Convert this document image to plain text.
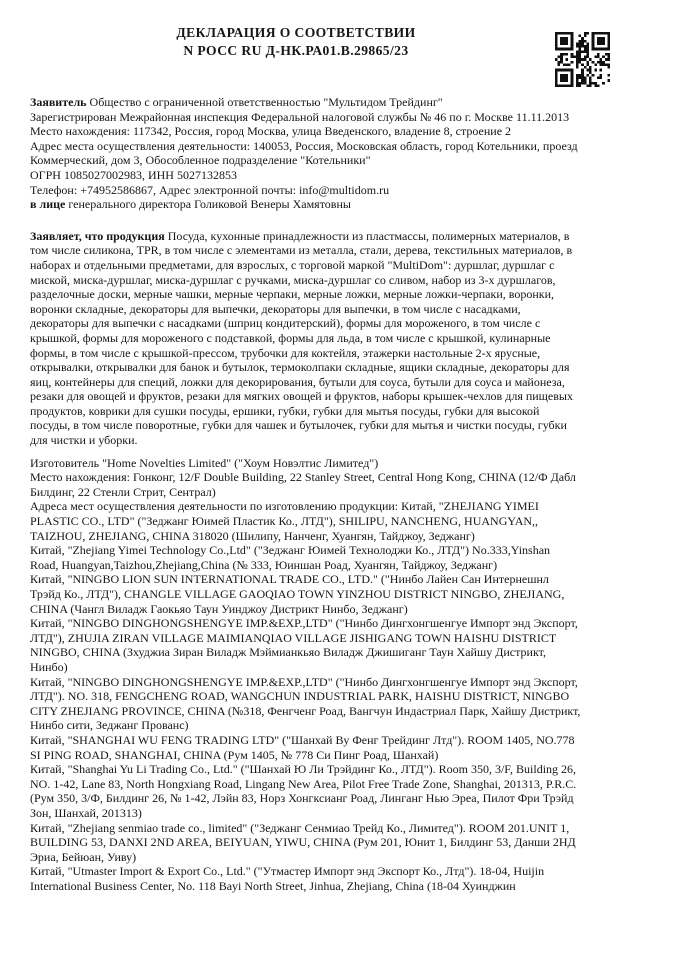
ДЕКЛАРАЦИЯ О СООТВЕТСТВИИ
N РОСС RU Д-НК.РА01.В.29865/23
Заявитель Общество с ограниченной ответственностью "Мультидом Трейдинг"
Зарегистрирован Межрайонная инспекция Федеральной налоговой службы № 46 по г. Москве 11.11.2013
Место нахождения: 117342, Россия, город Москва, улица Введенского, владение 8, строение 2
Адрес места осуществления деятельности: 140053, Россия, Московская область, город Котельники, проезд
Коммерческий, дом 3, Обособленное подразделение "Котельники"
ОГРН 1085027002983, ИНН 5027132853
Телефон: +74952586867, Адрес электронной почты: info@multidom.ru
в лице генерального директора Голиковой Венеры Хамятовны
Заявляет, что продукция Посуда, кухонные принадлежности из пластмассы, полимерных материалов, в
том числе силикона, TPR, в том числе с элементами из металла, стали, дерева, текстильных материалов, в
наборах и отдельными предметами, для взрослых, с торговой маркой "MultiDom": дуршлаг, дуршлаг с
миской, миска-дуршлаг, миска-дуршлаг с ручками, миска-дуршлаг со сливом, набор из 3-х дуршлагов,
разделочные доски, мерные чашки, мерные черпаки, мерные ложки, мерные ложки-черпаки, воронки,
воронки складные, декораторы для выпечки, декораторы для выпечки, в том числе с насадками,
декораторы для выпечки с насадками (шприц кондитерский), формы для мороженого, в том числе с
крышкой, формы для мороженого с подставкой, формы для льда, в том числе с крышкой, кулинарные
формы, в том числе с крышкой-прессом, трубочки для коктейля, этажерки настольные 2-х ярусные,
открывалки, открывалки для банок и бутылок, термоколпаки складные, ящики складные, декораторы для
яиц, контейнеры для специй, ложки для декорирования, бутыли для соуса, бутыли для соуса и майонеза,
резаки для овощей и фруктов, резаки для мягких овощей и фруктов, наборы крышек-чехлов для пищевых
продуктов, коврики для сушки посуды, ершики, губки, губки для мытья посуды, губки для высокой
посуды, в том числе поворотные, губки для чашек и бутылочек, губки для мытья и чистки посуды, губки
для чистки и уборки.
Изготовитель "Home Novelties Limited" ("Хоум Новэлтис Лимитед")
Место нахождения: Гонконг, 12/F Double Building, 22 Stanley Street, Central Hong Kong, CHINA (12/Ф Дабл
Билдинг, 22 Стенли Стрит, Сентрал)
Адреса мест осуществления деятельности по изготовлению продукции: Китай, "ZHEJIANG YIMEI
PLASTIC CO., LTD" ("Зеджанг Юимей Пластик Ко., ЛТД"), SHILIPU, NANCHENG, HUANGYAN,,
TAIZHOU, ZHEJIANG, CHINA 318020 (Шилипу, Нанченг, Хуангян, Тайджоу, Зеджанг)
Китай, "Zhejiang Yimei Technology Co.,Ltd" ("Зеджанг Юимей Технолоджи Ко., ЛТД") No.333,Yinshan
Road, Huangyan,Taizhou,Zhejiang,China (№ 333, Юиншан Роад, Хуангян, Тайджоу, Зеджанг)
Китай, "NINGBO LION SUN INTERNATIONAL TRADE CO., LTD." ("Нинбо Лайен Сан Интернешнл
Трэйд Ко., ЛТД"), CHANGLE VILLAGE GAOQIAO TOWN YINZHOU DISTRICT NINGBO, ZHEJIANG,
CHINA (Чангл Виладж Гаокьяо Таун Уинджоу Дистрикт Нинбо, Зеджанг)
Китай, "NINGBO DINGHONGSHENGYE IMP.&EXP.,LTD" ("Нинбо Дингхонгшенгуе Импорт энд Экспорт,
ЛТД"), ZHUJIA ZIRAN VILLAGE MAIMIANQIAO VILLAGE JISHIGANG TOWN HAISHU DISTRICT
NINGBO, CHINA (Зхуджиа Зиран Виладж Мэймианкьяо Виладж Джишиганг Таун Хайшу Дистрикт,
Нинбо)
Китай, "NINGBO DINGHONGSHENGYE IMP.&EXP.,LTD" ("Нинбо Дингхонгшенгуе Импорт энд Экспорт,
ЛТД"). NO. 318, FENGCHENG ROAD, WANGCHUN INDUSTRIAL PARK, HAISHU DISTRICT, NINGBO
CITY ZHEJIANG PROVINCE, CHINA (№318, Фенгченг Роад, Вангчун Индастриал Парк, Хайшу Дистрикт,
Нинбо сити, Зеджанг Прованс)
Китай, "SHANGHAI WU FENG TRADING LTD" ("Шанхай Ву Фенг Трейдинг Лтд"). ROOM 1405, NO.778
SI PING ROAD, SHANGHAI, CHINA (Рум 1405, № 778 Си Пинг Роад, Шанхай)
Китай, "Shanghai Yu Li Trading Co., Ltd." ("Шанхай Ю Ли Трэйдинг Ко., ЛТД"). Room 350, 3/F, Building 26,
NO. 1-42, Lane 83, North Hongxiang Road, Lingang New Area, Pilot Free Trade Zone, Shanghai, 201313, P.R.C.
(Рум 350, 3/Ф, Билдинг 26, № 1-42, Лэйн 83, Норз Хонгксианг Роад, Линганг Нью Эреа, Пилот Фри Трэйд
Зон, Шанхай, 201313)
Китай, "Zhejiang senmiao trade co., limited" ("Зеджанг Сенмиао Трейд Ко., Лимитед"). ROOM 201.UNIT 1,
BUILDING 53, DANXI 2ND AREA, BEIYUAN, YIWU, CHINA (Рум 201, Юнит 1, Билдинг 53, Данши 2НД
Эриа, Бейюан, Уиву)
Китай, "Utmaster Import & Export Co., Ltd." ("Утмастер Импорт энд Экспорт Ко., Лтд"). 18-04, Huijin
International Business Center, No. 118 Bayi North Street, Jinhua, Zhejiang, China (18-04 Хуинджин
